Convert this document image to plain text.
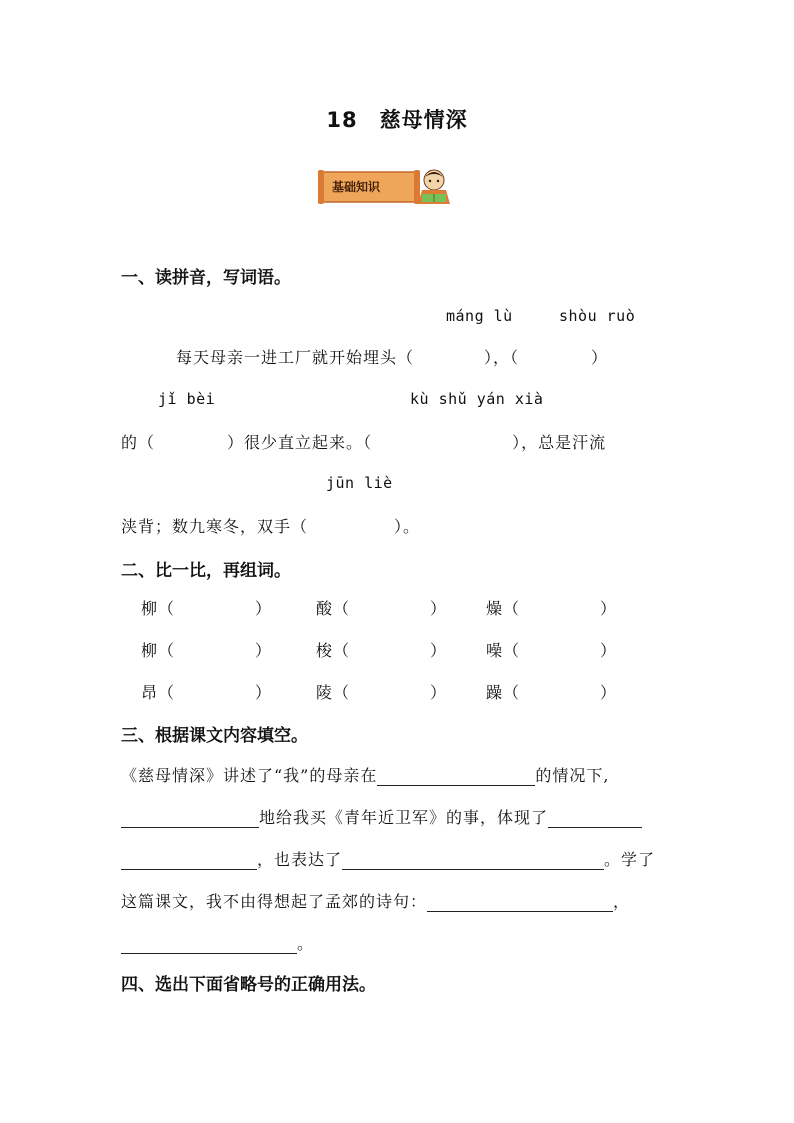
18 慈母情深
基础知识
一、读拼音，写词语。
máng lù	shòu ruò
每天母亲一进工厂就开始埋头（	），（	）
jǐ bèi	kù shǔ yán xià
的（	）很少直立起来。（	），总是汗流
jūn liè
浃背；数九寒冬，双手（	）。
二、比一比，再组词。
柳（	）	酸（	） 燥（	）
柳（	）	梭（	） 噪（	）
昂（	）	陵（	） 躁（	）
三、根据课文内容填空。
《慈母情深》讲述了“我”的母亲在	的情况下,
地给我买《青年近卫军》的事，体现了
，也表达了	。学了
这篇课文，我不由得想起了孟郊的诗句：	，
。
四、选出下面省略号的正确用法。
